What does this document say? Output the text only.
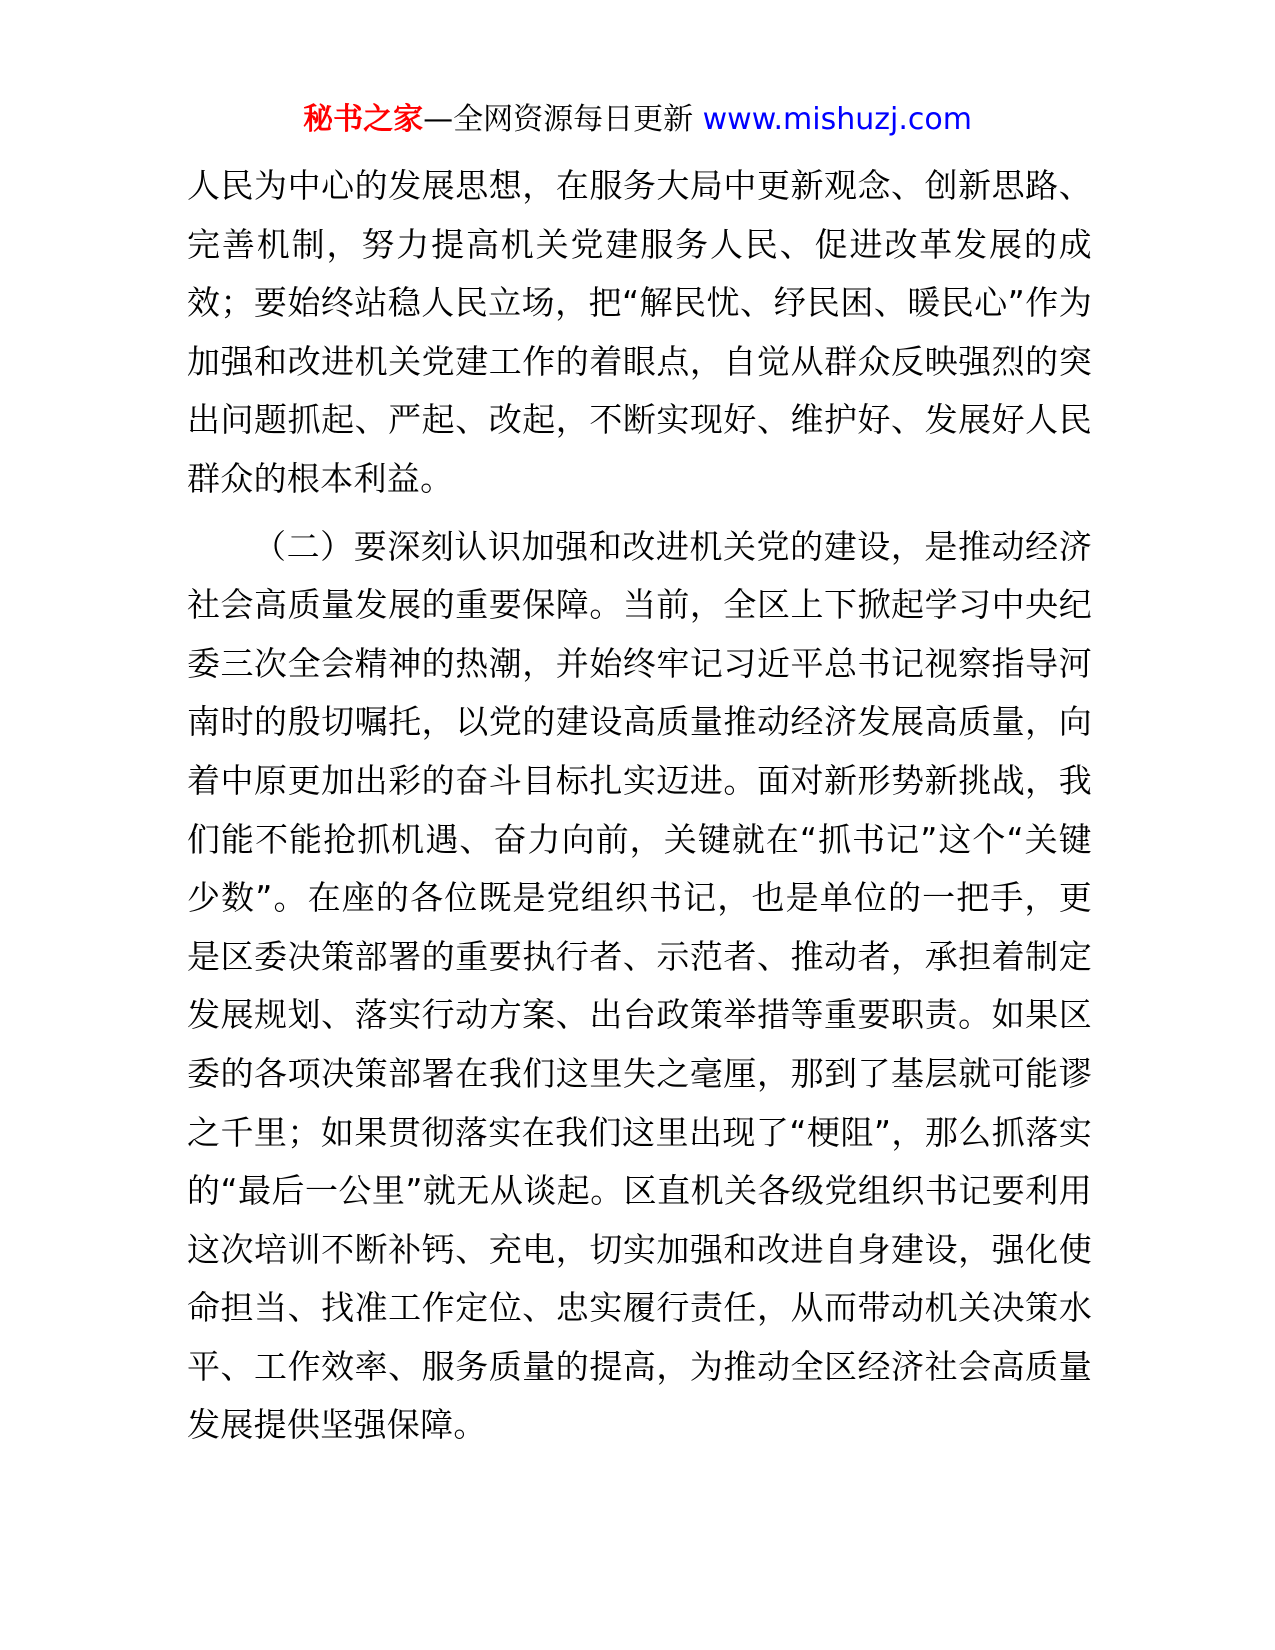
秘书之家—全网资源每日更新 www.mishuzj.com

人民为中心的发展思想，在服务大局中更新观念、创新思路、完善机制，努力提高机关党建服务人民、促进改革发展的成效；要始终站稳人民立场，把“解民忧、纾民困、暖民心”作为加强和改进机关党建工作的着眼点，自觉从群众反映强烈的突出问题抓起、严起、改起，不断实现好、维护好、发展好人民群众的根本利益。

（二）要深刻认识加强和改进机关党的建设，是推动经济社会高质量发展的重要保障。当前，全区上下掀起学习中央纪委三次全会精神的热潮，并始终牢记习近平总书记视察指导河南时的殷切嘱托，以党的建设高质量推动经济发展高质量，向着中原更加出彩的奋斗目标扎实迈进。面对新形势新挑战，我们能不能抢抓机遇、奋力向前，关键就在“抓书记”这个“关键少数”。在座的各位既是党组织书记，也是单位的一把手，更是区委决策部署的重要执行者、示范者、推动者，承担着制定发展规划、落实行动方案、出台政策举措等重要职责。如果区委的各项决策部署在我们这里失之毫厘，那到了基层就可能谬之千里；如果贯彻落实在我们这里出现了“梗阻”，那么抓落实的“最后一公里”就无从谈起。区直机关各级党组织书记要利用这次培训不断补钙、充电，切实加强和改进自身建设，强化使命担当、找准工作定位、忠实履行责任，从而带动机关决策水平、工作效率、服务质量的提高，为推动全区经济社会高质量发展提供坚强保障。
